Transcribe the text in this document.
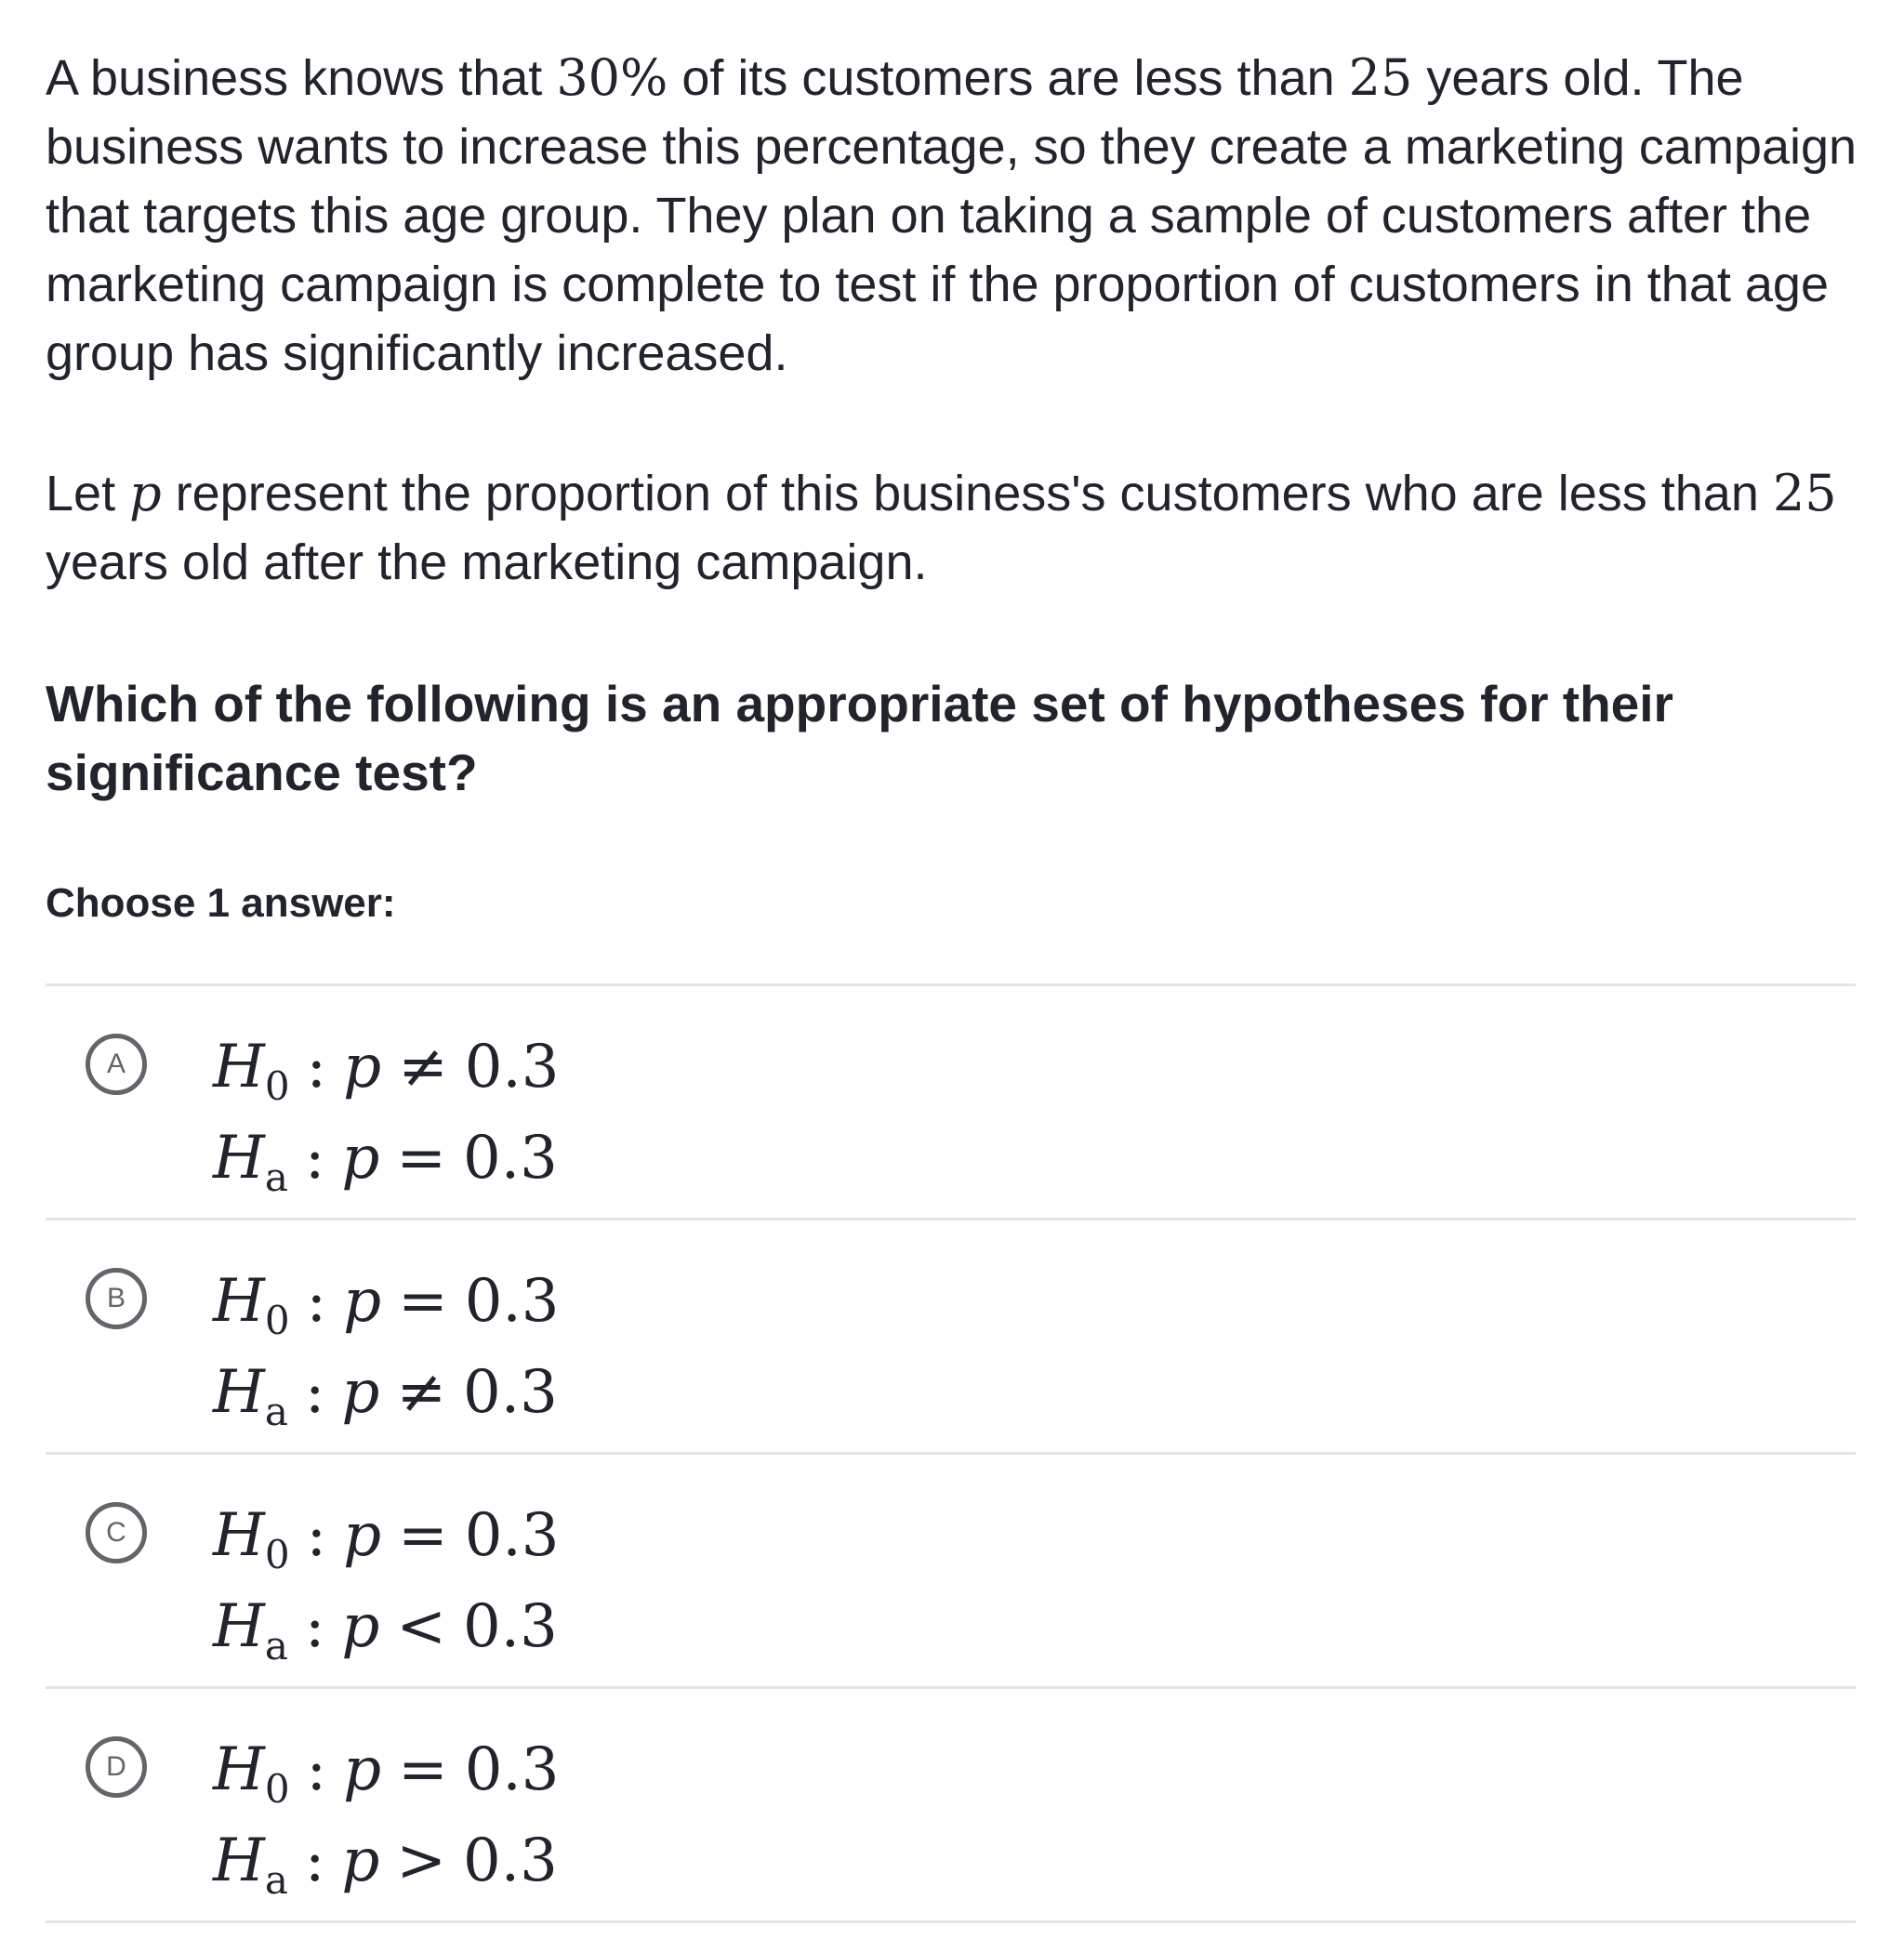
A business knows that 30% of its customers are less than 25 years old. The business wants to increase this percentage, so they create a marketing campaign that targets this age group. They plan on taking a sample of customers after the marketing campaign is complete to test if the proportion of customers in that age group has significantly increased.

Let p represent the proportion of this business's customers who are less than 25 years old after the marketing campaign.

Which of the following is an appropriate set of hypotheses for their significance test?

Choose 1 answer:

A	$H_0$ : p ≠ 0.3
$H_a$ : p = 0.3
B	$H_0$ : p = 0.3
$H_a$ : p ≠ 0.3
C	$H_0$ : p = 0.3
$H_a$ : p < 0.3
D	$H_0$ : p = 0.3
$H_a$ : p > 0.3
